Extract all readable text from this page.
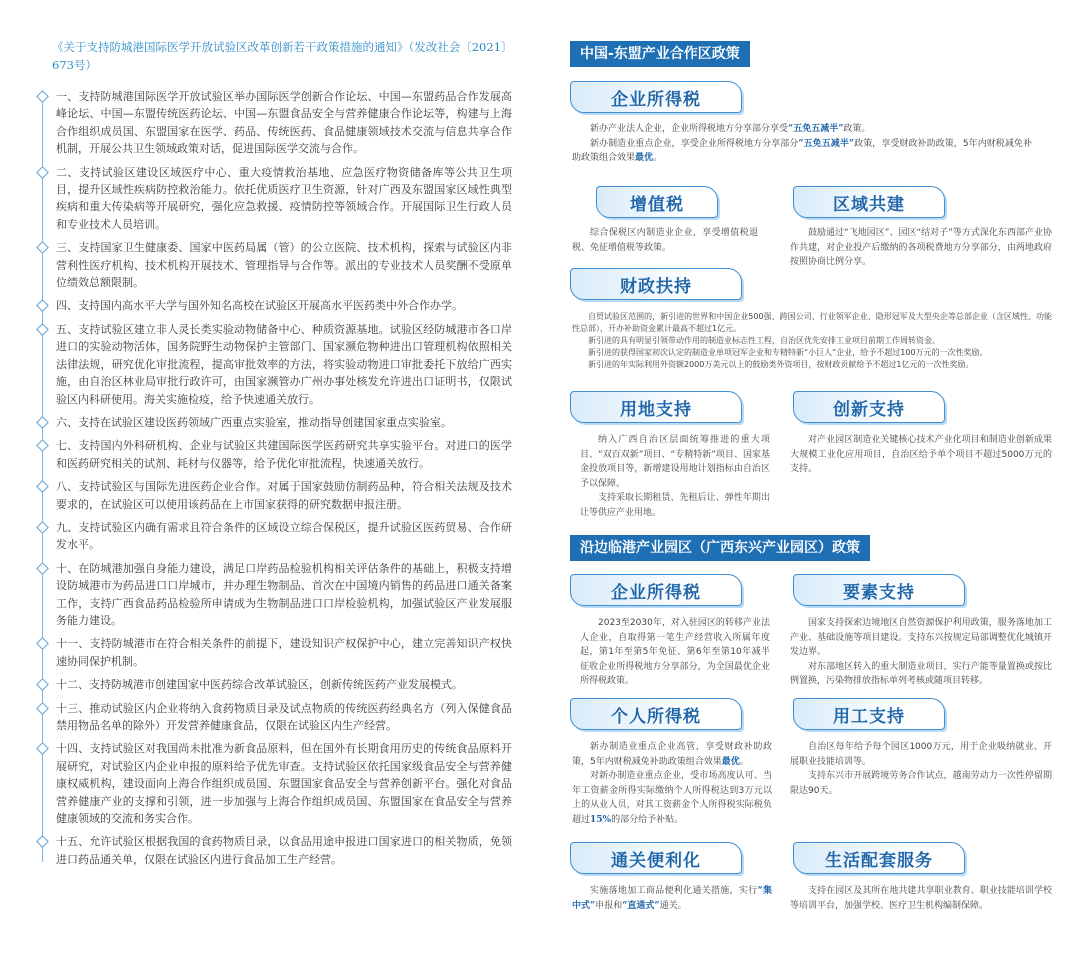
《关于支持防城港国际医学开放试验区改革创新若干政策措施的通知》（发改社会〔2021〕673号）
一、支持防城港国际医学开放试验区举办国际医学创新合作论坛、中国—东盟药品合作发展高峰论坛、中国—东盟传统医药论坛、中国—东盟食品安全与营养健康合作论坛等，构建与上海合作组织成员国、东盟国家在医学、药品、传统医药、食品健康领域技术交流与信息共享合作机制，开展公共卫生领域政策对话，促进国际医学交流与合作。
二、支持试验区建设区域医疗中心、重大疫情救治基地、应急医疗物资储备库等公共卫生项目，提升区域性疾病防控救治能力。依托优质医疗卫生资源，针对广西及东盟国家区域性典型疾病和重大传染病等开展研究，强化应急救援、疫情防控等领域合作。开展国际卫生行政人员和专业技术人员培训。
三、支持国家卫生健康委、国家中医药局属（管）的公立医院、技术机构，探索与试验区内非营利性医疗机构、技术机构开展技术、管理指导与合作等。派出的专业技术人员奖酬不受原单位绩效总额限制。
四、支持国内高水平大学与国外知名高校在试验区开展高水平医药类中外合作办学。
五、支持试验区建立非人灵长类实验动物储备中心、种质资源基地。试验区经防城港市各口岸进口的实验动物活体，国务院野生动物保护主管部门、国家濒危物种进出口管理机构依照相关法律法规，研究优化审批流程，提高审批效率的方法，将实验动物进口审批委托下放给广西实施，由自治区林业局审批行政许可，由国家濒管办广州办事处核发允许进出口证明书，仅限试验区内科研使用。海关实施检疫，给予快速通关放行。
六、支持在试验区建设医药领域广西重点实验室，推动指导创建国家重点实验室。
七、支持国内外科研机构、企业与试验区共建国际医学医药研究共享实验平台。对进口的医学和医药研究相关的试剂、耗材与仪器等，给予优化审批流程，快速通关放行。
八、支持试验区与国际先进医药企业合作。对属于国家鼓励仿制药品种，符合相关法规及技术要求的，在试验区可以使用该药品在上市国家获得的研究数据申报注册。
九、支持试验区内确有需求且符合条件的区域设立综合保税区，提升试验区医药贸易、合作研发水平。
十、在防城港加强自身能力建设，满足口岸药品检验机构相关评估条件的基础上，积极支持增设防城港市为药品进口口岸城市，并办理生物制品、首次在中国境内销售的药品进口通关备案工作，支持广西食品药品检验所申请成为生物制品进口口岸检验机构，加强试验区产业发展服务能力建设。
十一、支持防城港市在符合相关条件的前提下，建设知识产权保护中心，建立完善知识产权快速协同保护机制。
十二、支持防城港市创建国家中医药综合改革试验区，创新传统医药产业发展模式。
十三、推动试验区内企业将纳入食药物质目录及试点物质的传统医药经典名方（列入保健食品禁用物品名单的除外）开发营养健康食品，仅限在试验区内生产经营。
十四、支持试验区对我国尚未批准为新食品原料，但在国外有长期食用历史的传统食品原料开展研究，对试验区内企业申报的原料给予优先审查。支持试验区依托国家级食品安全与营养健康权威机构，建设面向上海合作组织成员国、东盟国家食品安全与营养创新平台。强化对食品营养健康产业的支撑和引领，进一步加强与上海合作组织成员国、东盟国家在食品安全与营养健康领域的交流和务实合作。
十五、允许试验区根据我国的食药物质目录，以食品用途申报进口国家进口的相关物质，免领进口药品通关单，仅限在试验区内进行食品加工生产经营。
中国-东盟产业合作区政策
企业所得税

新办产业法人企业，企业所得税地方分享部分享受“五免五减半”政策。

新办制造业重点企业，享受企业所得税地方分享部分“五免五减半”政策，享受财政补助政策，5年内财税减免补助政策组合效果最优。

增值税

综合保税区内制造业企业，享受增值税退税、免征增值税等政策。

区域共建

鼓励通过“飞地园区”、园区“结对子”等方式深化东西部产业协作共建，对企业投产后缴纳的各项税费地方分享部分，由两地政府按照协商比例分享。

财政扶持

自贸试验区范围的，新引进的世界和中国企业500强、跨国公司、行业领军企业、隐形冠军及大型央企等总部企业（含区域性、功能性总部），开办补助资金累计最高不超过1亿元。

新引进的具有明显引领带动作用的制造业标志性工程，自治区优先安排工业项目前期工作周转资金。

新引进的获得国家初次认定的制造业单项冠军企业和专精特新“小巨人”企业，给予不超过100万元的一次性奖励。

新引进的年实际利用外资额2000万美元以上的鼓励类外资项目，按财政贡献给予不超过1亿元的一次性奖励。

用地支持

纳入广西自治区层面统筹推进的重大项目、“双百双新”项目、“专精特新”项目、国家基金投放项目等，新增建设用地计划指标由自治区予以保障。

支持采取长期租赁、先租后让、弹性年期出让等供应产业用地。

创新支持

对产业园区制造业关键核心技术产业化项目和制造业创新成果大规模工业化应用项目，自治区给予单个项目不超过5000万元的支持。

沿边临港产业园区（广西东兴产业园区）政策
企业所得税

2023至2030年，对入驻园区的转移产业法人企业，自取得第一笔生产经营收入所属年度起，第1年至第5年免征、第6年至第10年减半征收企业所得税地方分享部分，为全国最优企业所得税政策。

要素支持

国家支持探索边境地区自然资源保护利用政策，服务落地加工产业、基础设施等项目建设。支持东兴按规定局部调整优化城镇开发边界。

对东部地区转入的重大制造业项目，实行产能等量置换或按比例置换，污染物排放指标单列考核或随项目转移。

个人所得税

新办制造业重点企业高管，享受财政补助政策，5年内财税减免补助政策组合效果最优。

对新办制造业重点企业，受市场高度认可、当年工资薪金所得实际缴纳个人所得税达到3万元以上的从业人员，对其工资薪金个人所得税实际税负超过15%的部分给予补贴。

用工支持

自治区每年给予每个园区1000万元，用于企业吸纳就业、开展职业技能培训等。

支持东兴市开展跨境劳务合作试点，越南劳动力一次性停留期限达90天。

通关便利化

实施落地加工商品便利化通关措施，实行“集中式”申报和“直通式”通关。

生活配套服务

支持在园区及其所在地共建共享职业教育、职业技能培训学校等培训平台，加强学校、医疗卫生机构编制保障。
